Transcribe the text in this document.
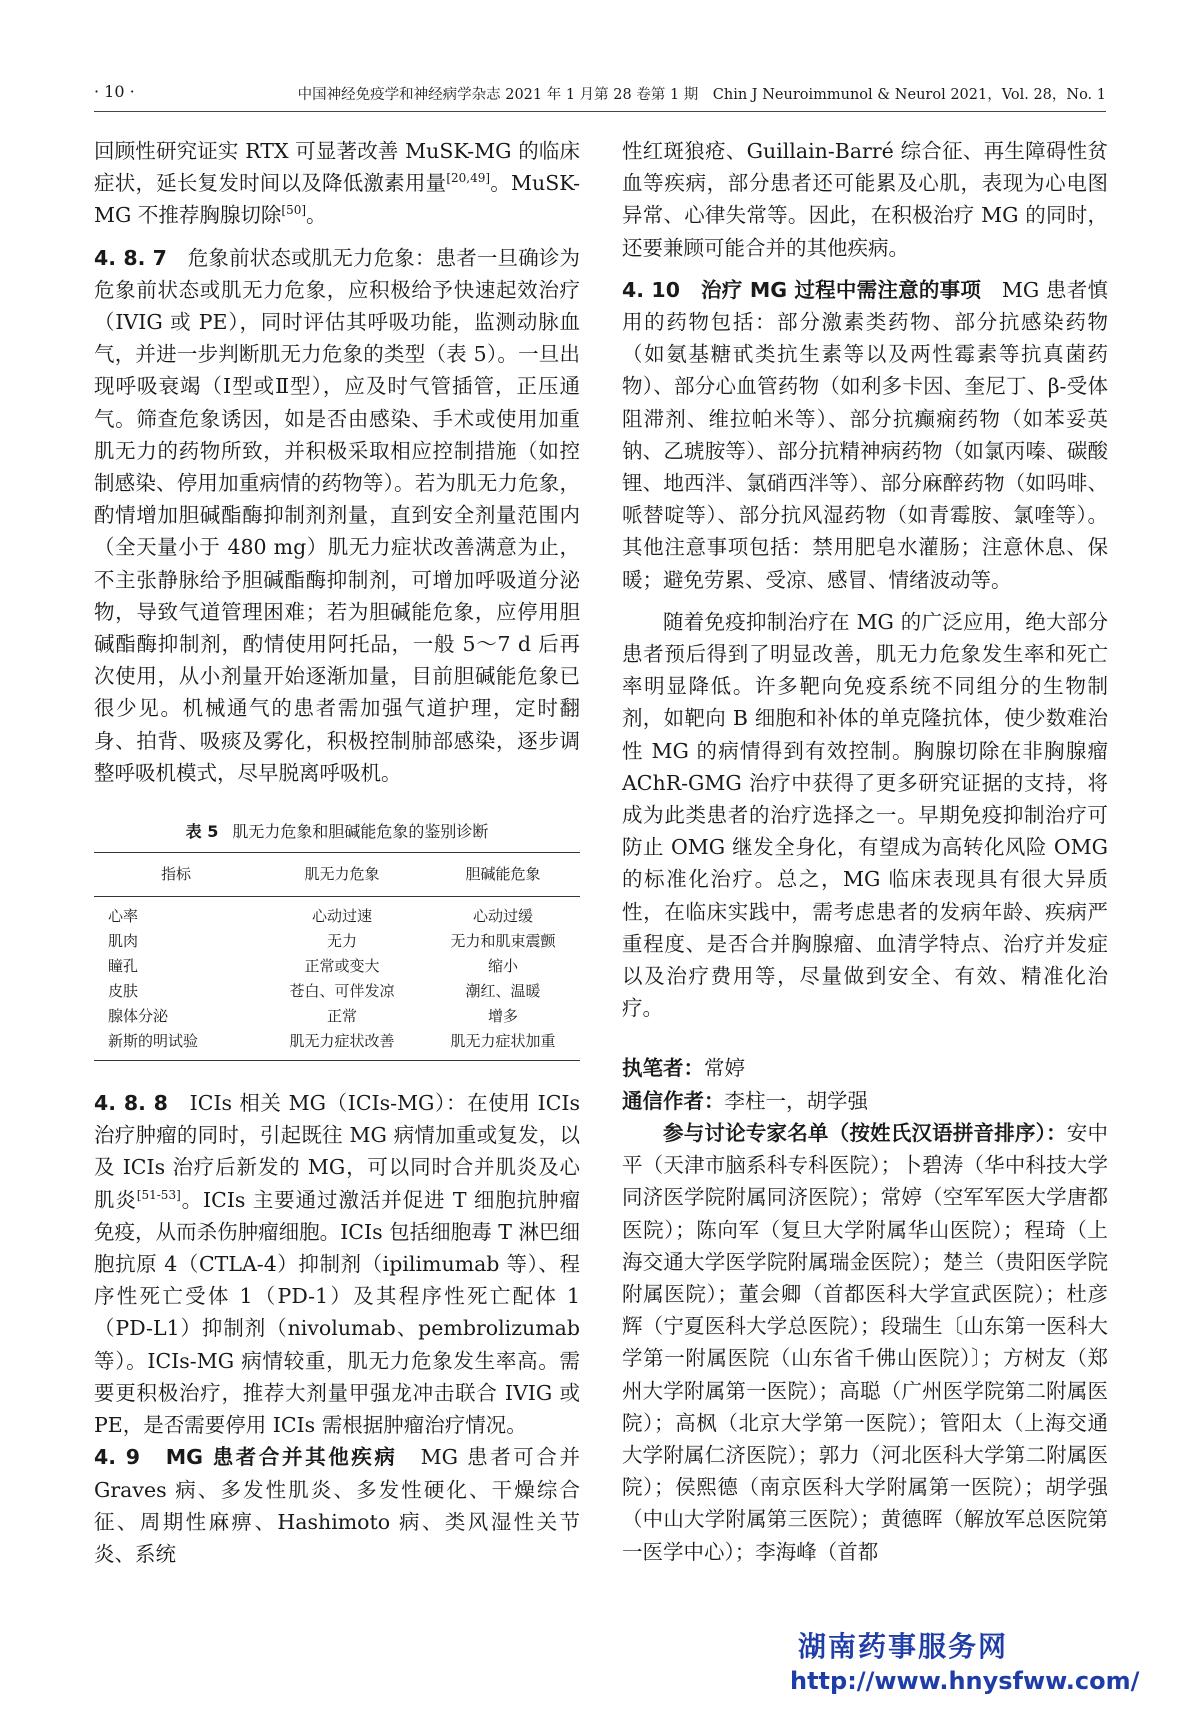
· 10 ·	中国神经免疫学和神经病学杂志 2021 年 1 月第 28 卷第 1 期　Chin J Neuroimmunol & Neurol 2021，Vol. 28，No. 1

回顾性研究证实 RTX 可显著改善 MuSK-MG 的临床症状，延长复发时间以及降低激素用量[20,49]。MuSK-MG 不推荐胸腺切除[50]。

4. 8. 7　 危象前状态或肌无力危象：患者一旦确诊为危象前状态或肌无力危象，应积极给予快速起效治疗（IVIG 或 PE），同时评估其呼吸功能，监测动脉血气，并进一步判断肌无力危象的类型（表 5）。一旦出现呼吸衰竭（Ⅰ型或Ⅱ型），应及时气管插管，正压通气。筛查危象诱因，如是否由感染、手术或使用加重肌无力的药物所致，并积极采取相应控制措施（如控制感染、停用加重病情的药物等）。若为肌无力危象，酌情增加胆碱酯酶抑制剂剂量，直到安全剂量范围内（全天量小于 480 mg）肌无力症状改善满意为止，不主张静脉给予胆碱酯酶抑制剂，可增加呼吸道分泌物，导致气道管理困难；若为胆碱能危象，应停用胆碱酯酶抑制剂，酌情使用阿托品，一般 5～7 d 后再次使用，从小剂量开始逐渐加量，目前胆碱能危象已很少见。机械通气的患者需加强气道护理，定时翻身、拍背、吸痰及雾化，积极控制肺部感染，逐步调整呼吸机模式，尽早脱离呼吸机。

表 5 肌无力危象和胆碱能危象的鉴别诊断
指标	肌无力危象	胆碱能危象
心率	心动过速	心动过缓
肌肉	无力	无力和肌束震颤
瞳孔	正常或变大	缩小
皮肤	苍白、可伴发凉	潮红、温暖
腺体分泌	正常	增多
新斯的明试验	肌无力症状改善	肌无力症状加重

4. 8. 8　 ICIs 相关 MG（ICIs-MG）：在使用 ICIs 治疗肿瘤的同时，引起既往 MG 病情加重或复发，以及 ICIs 治疗后新发的 MG，可以同时合并肌炎及心肌炎[51-53]。ICIs 主要通过激活并促进 T 细胞抗肿瘤免疫，从而杀伤肿瘤细胞。ICIs 包括细胞毒 T 淋巴细胞抗原 4（CTLA-4）抑制剂（ipilimumab 等）、程序性死亡受体 1（PD-1）及其程序性死亡配体 1（PD-L1）抑制剂（nivolumab、pembrolizumab 等）。ICIs-MG 病情较重，肌无力危象发生率高。需要更积极治疗，推荐大剂量甲强龙冲击联合 IVIG 或 PE，是否需要停用 ICIs 需根据肿瘤治疗情况。

4. 9　MG 患者合并其他疾病　 MG 患者可合并 Graves 病、多发性肌炎、多发性硬化、干燥综合征、周期性麻痹、Hashimoto 病、类风湿性关节炎、系统

性红斑狼疮、Guillain-Barré 综合征、再生障碍性贫血等疾病，部分患者还可能累及心肌，表现为心电图异常、心律失常等。因此，在积极治疗 MG 的同时，还要兼顾可能合并的其他疾病。

4. 10　治疗 MG 过程中需注意的事项　 MG 患者慎用的药物包括：部分激素类药物、部分抗感染药物（如氨基糖甙类抗生素等以及两性霉素等抗真菌药物）、部分心血管药物（如利多卡因、奎尼丁、β-受体阻滞剂、维拉帕米等）、部分抗癫痫药物（如苯妥英钠、乙琥胺等）、部分抗精神病药物（如氯丙嗪、碳酸锂、地西泮、氯硝西泮等）、部分麻醉药物（如吗啡、哌替啶等）、部分抗风湿药物（如青霉胺、氯喹等）。其他注意事项包括：禁用肥皂水灌肠；注意休息、保暖；避免劳累、受凉、感冒、情绪波动等。

随着免疫抑制治疗在 MG 的广泛应用，绝大部分患者预后得到了明显改善，肌无力危象发生率和死亡率明显降低。许多靶向免疫系统不同组分的生物制剂，如靶向 B 细胞和补体的单克隆抗体，使少数难治性 MG 的病情得到有效控制。胸腺切除在非胸腺瘤 AChR-GMG 治疗中获得了更多研究证据的支持，将成为此类患者的治疗选择之一。早期免疫抑制治疗可防止 OMG 继发全身化，有望成为高转化风险 OMG 的标准化治疗。总之，MG 临床表现具有很大异质性，在临床实践中，需考虑患者的发病年龄、疾病严重程度、是否合并胸腺瘤、血清学特点、治疗并发症以及治疗费用等，尽量做到安全、有效、精准化治疗。

执笔者：常婷

通信作者：李柱一，胡学强

参与讨论专家名单（按姓氏汉语拼音排序）：安中平（天津市脑系科专科医院）；卜碧涛（华中科技大学同济医学院附属同济医院）；常婷（空军军医大学唐都医院）；陈向军（复旦大学附属华山医院）；程琦（上海交通大学医学院附属瑞金医院）；楚兰（贵阳医学院附属医院）；董会卿（首都医科大学宣武医院）；杜彦辉（宁夏医科大学总医院）；段瑞生〔山东第一医科大学第一附属医院（山东省千佛山医院）〕；方树友（郑州大学附属第一医院）；高聪（广州医学院第二附属医院）；高枫（北京大学第一医院）；管阳太（上海交通大学附属仁济医院）；郭力（河北医科大学第二附属医院）；侯熙德（南京医科大学附属第一医院）；胡学强（中山大学附属第三医院）；黄德晖（解放军总医院第一医学中心）；李海峰（首都

湖南药事服务网
http://www.hnysfww.com/
